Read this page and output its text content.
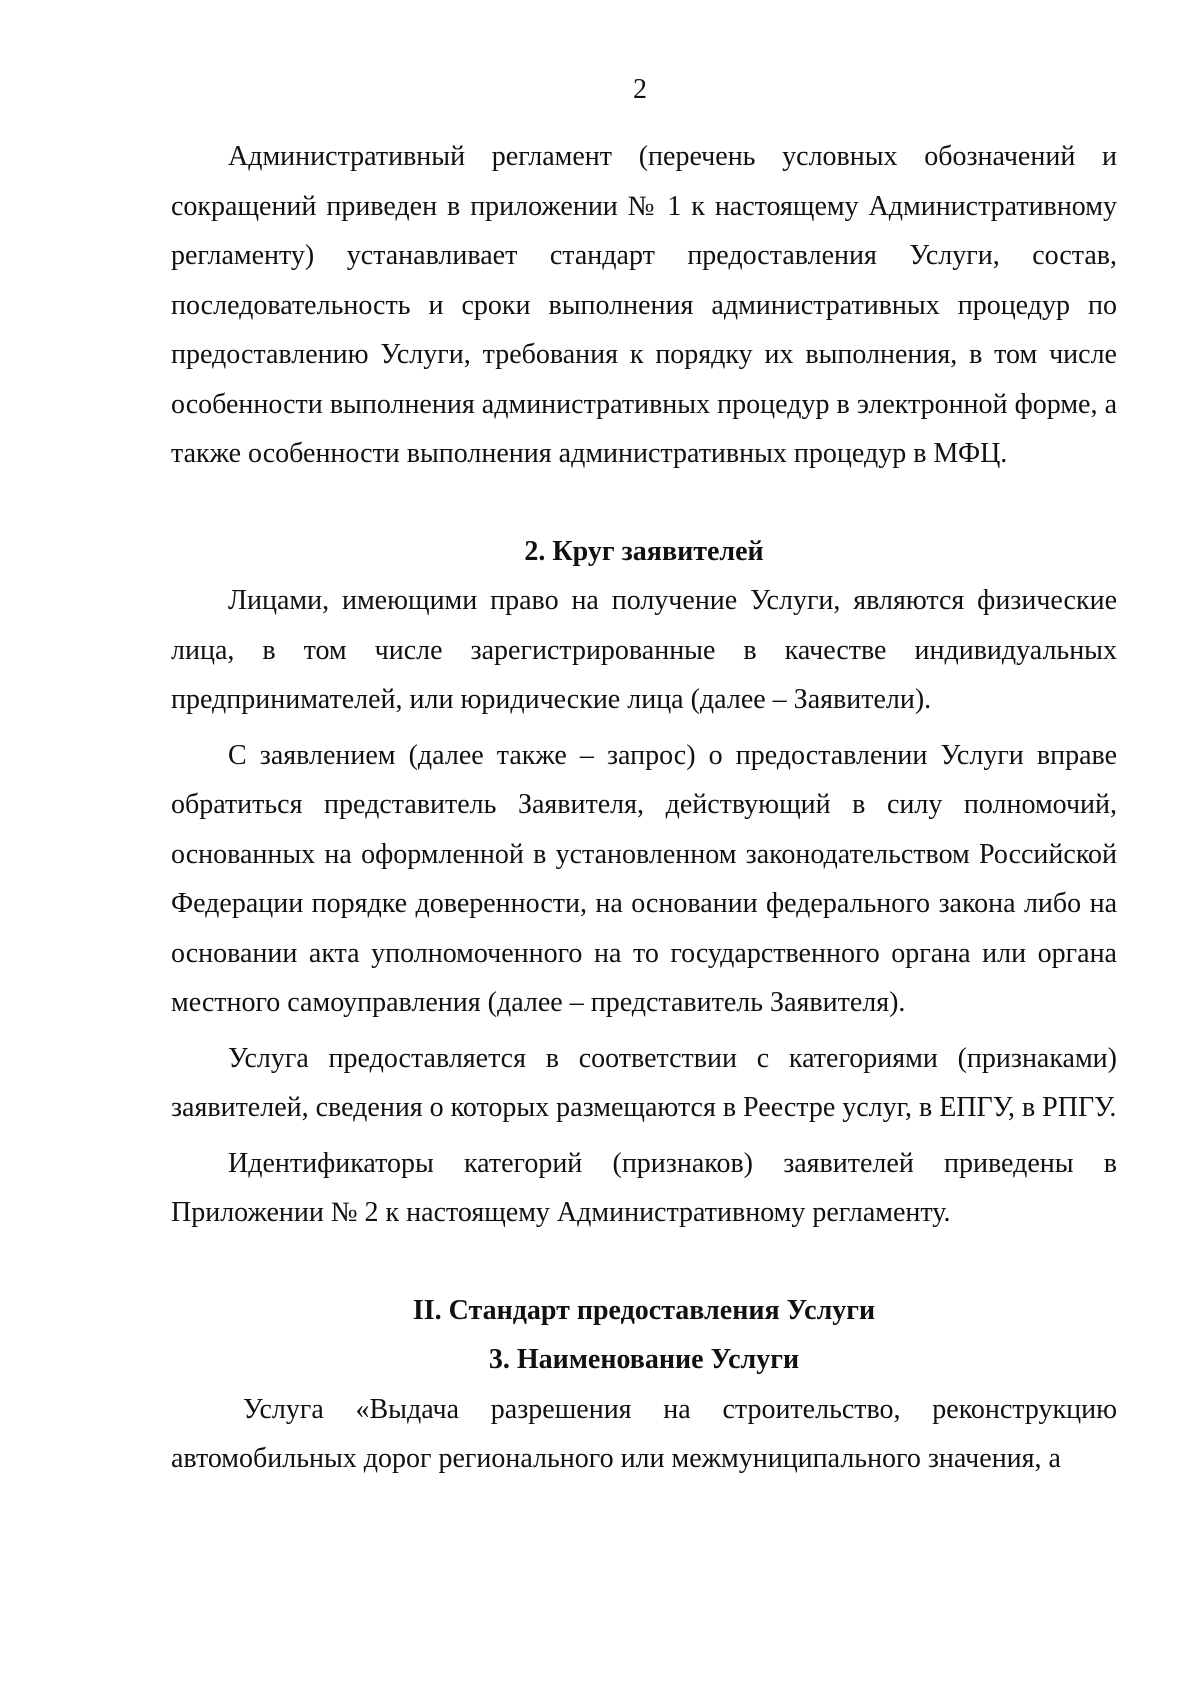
2

Административный регламент (перечень условных обозначений и сокращений приведен в приложении № 1 к настоящему Административному регламенту) устанавливает стандарт предоставления Услуги, состав, последовательность и сроки выполнения административных процедур по предоставлению Услуги, требования к порядку их выполнения, в том числе особенности выполнения административных процедур в электронной форме, а также особенности выполнения административных процедур в МФЦ.

2. Круг заявителей

Лицами, имеющими право на получение Услуги, являются физические лица, в том числе зарегистрированные в качестве индивидуальных предпринимателей, или юридические лица (далее – Заявители).

С заявлением (далее также – запрос) о предоставлении Услуги вправе обратиться представитель Заявителя, действующий в силу полномочий, основанных на оформленной в установленном законодательством Российской Федерации порядке доверенности, на основании федерального закона либо на основании акта уполномоченного на то государственного органа или органа местного самоуправления (далее – представитель Заявителя).

Услуга предоставляется в соответствии с категориями (признаками) заявителей, сведения о которых размещаются в Реестре услуг, в ЕПГУ, в РПГУ.

Идентификаторы категорий (признаков) заявителей приведены в Приложении № 2 к настоящему Административному регламенту.

II. Стандарт предоставления Услуги
3. Наименование Услуги

Услуга «Выдача разрешения на строительство, реконструкцию автомобильных дорог регионального или межмуниципального значения, а
